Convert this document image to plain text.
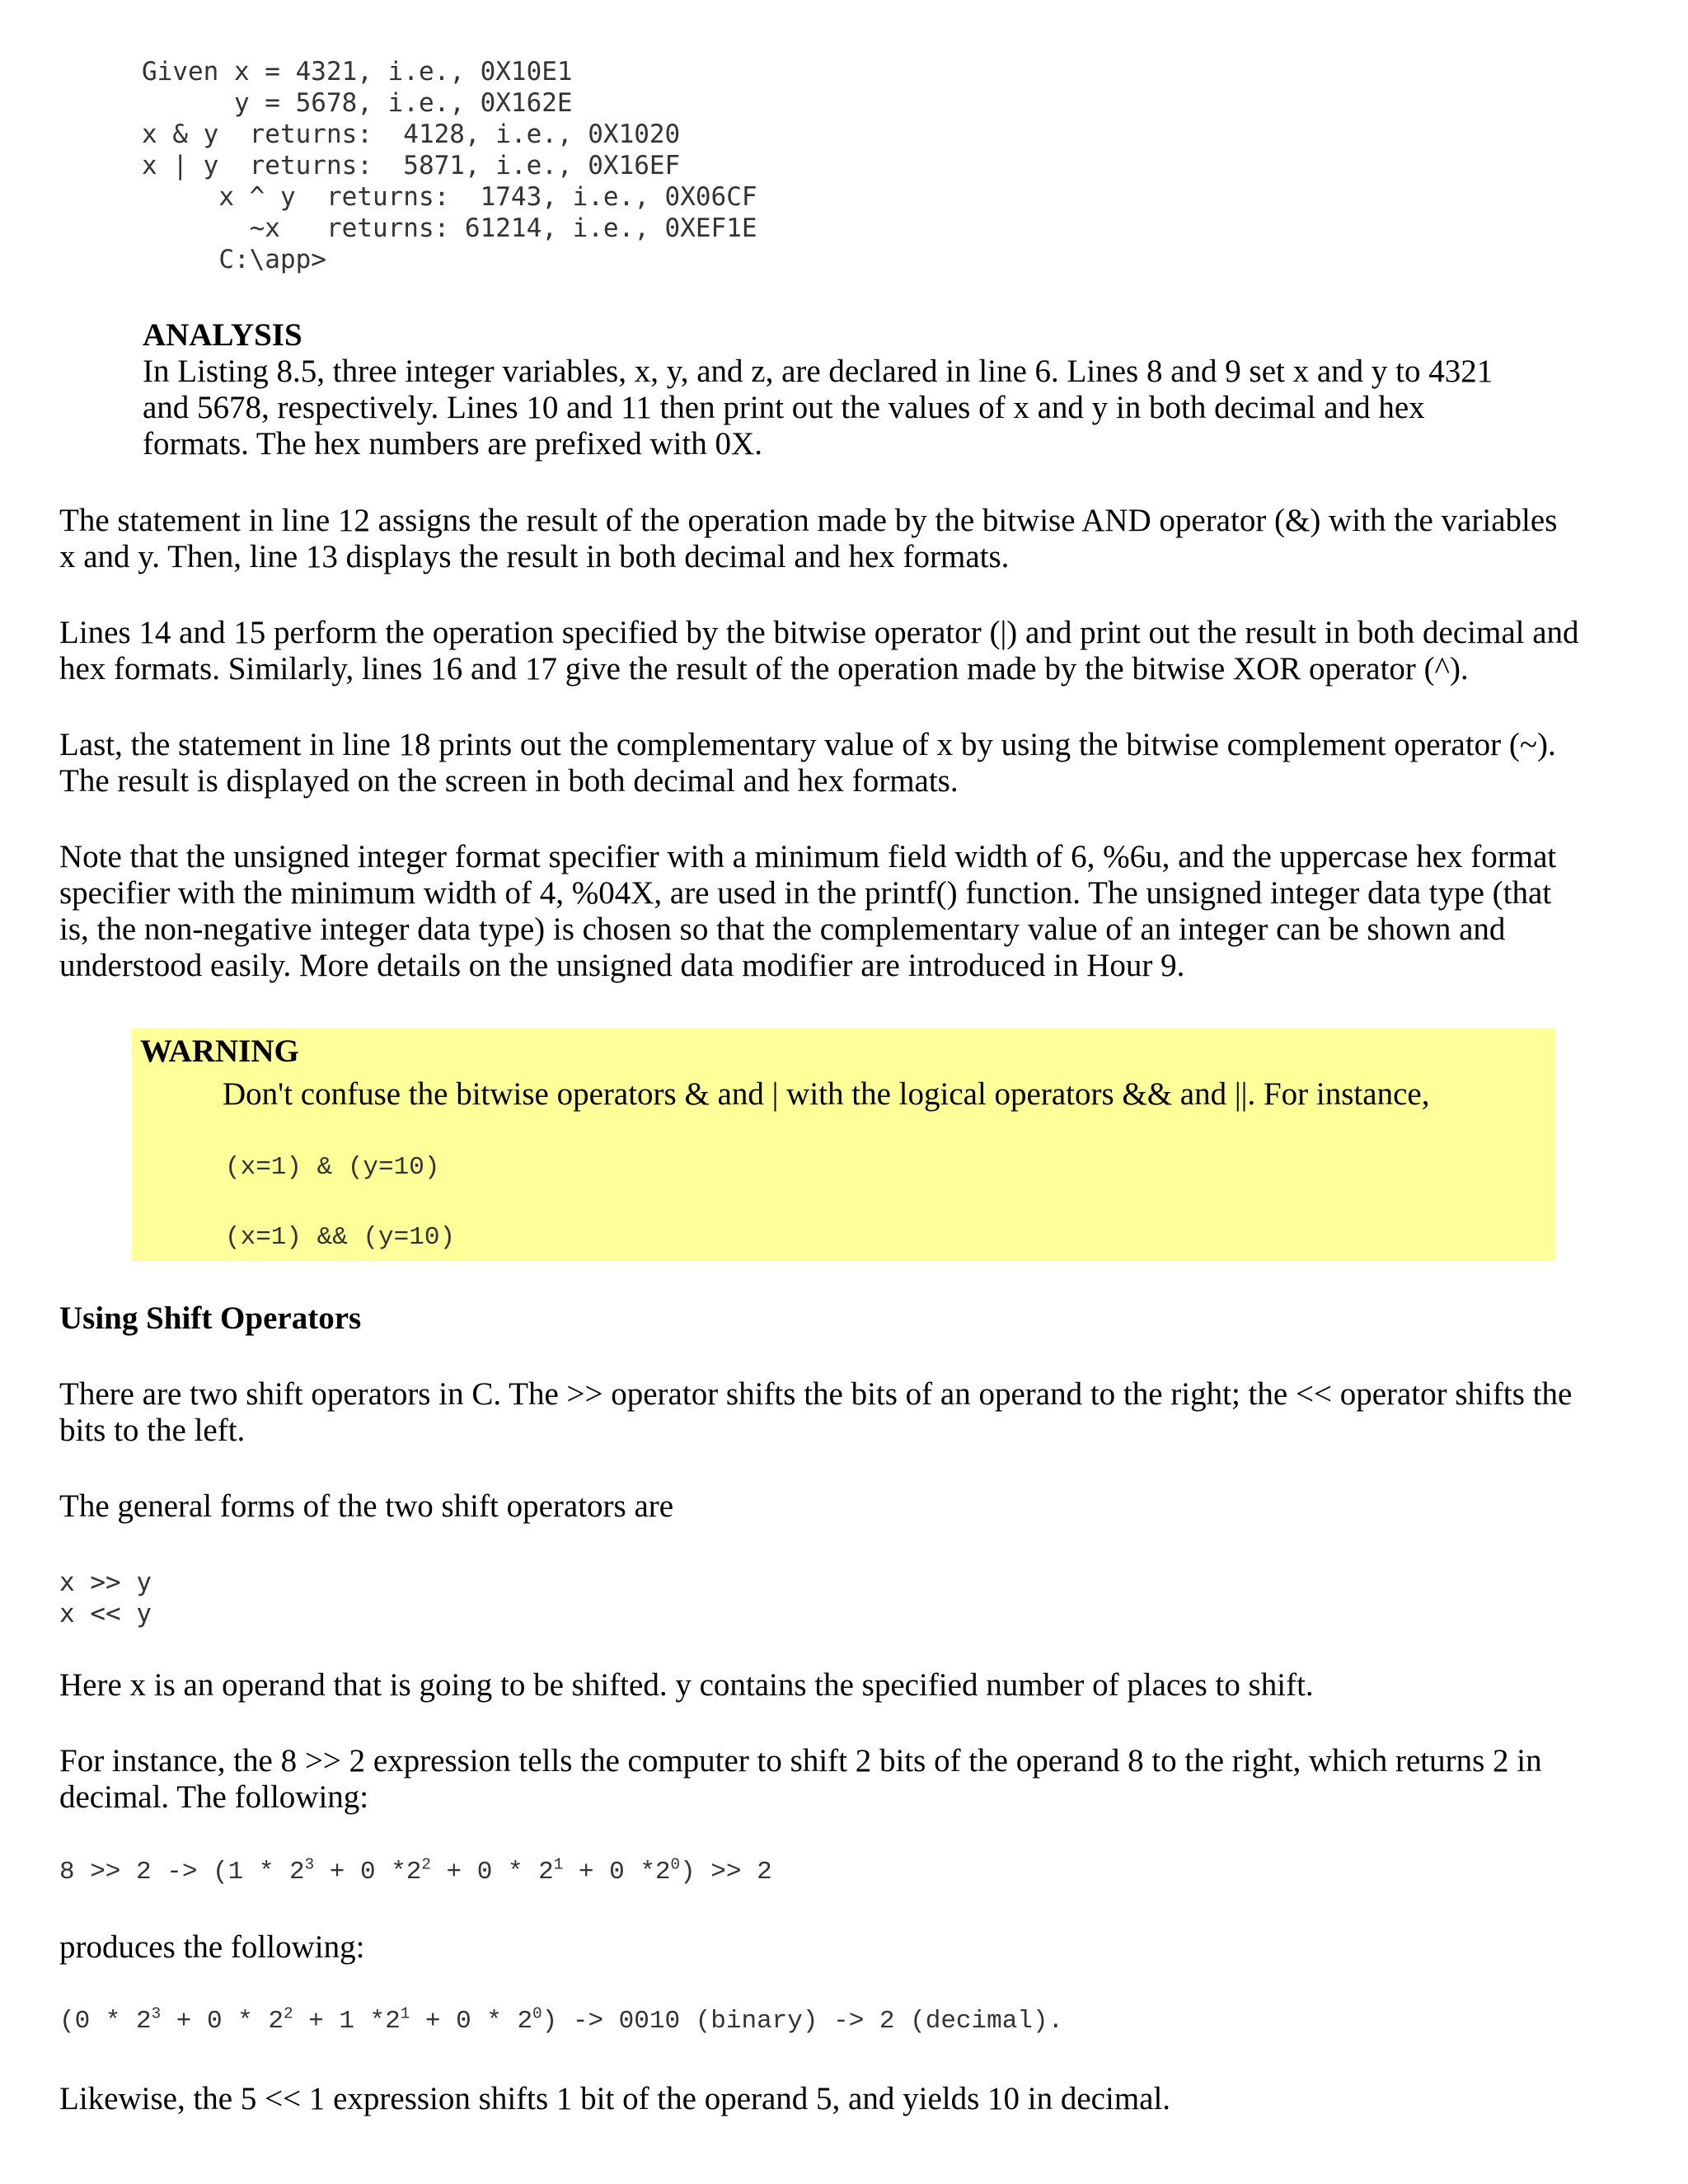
Given x = 4321, i.e., 0X10E1
y = 5678, i.e., 0X162E
x & y  returns:  4128, i.e., 0X1020
x | y  returns:  5871, i.e., 0X16EF
x ^ y  returns:  1743, i.e., 0X06CF
~x   returns: 61214, i.e., 0XEF1E
C:\app>
ANALYSIS
In Listing 8.5, three integer variables, x, y, and z, are declared in line 6. Lines 8 and 9 set x and y to 4321
and 5678, respectively. Lines 10 and 11 then print out the values of x and y in both decimal and hex
formats. The hex numbers are prefixed with 0X.
The statement in line 12 assigns the result of the operation made by the bitwise AND operator (&) with the variables
x and y. Then, line 13 displays the result in both decimal and hex formats.
Lines 14 and 15 perform the operation specified by the bitwise operator (|) and print out the result in both decimal and
hex formats. Similarly, lines 16 and 17 give the result of the operation made by the bitwise XOR operator (^).
Last, the statement in line 18 prints out the complementary value of x by using the bitwise complement operator (~).
The result is displayed on the screen in both decimal and hex formats.
Note that the unsigned integer format specifier with a minimum field width of 6, %6u, and the uppercase hex format
specifier with the minimum width of 4, %04X, are used in the printf() function. The unsigned integer data type (that
is, the non-negative integer data type) is chosen so that the complementary value of an integer can be shown and
understood easily. More details on the unsigned data modifier are introduced in Hour 9.
WARNING
Don't confuse the bitwise operators & and | with the logical operators && and ||. For instance,
(x=1) & (y=10)
(x=1) && (y=10)
Using Shift Operators
There are two shift operators in C. The >> operator shifts the bits of an operand to the right; the << operator shifts the
bits to the left.
The general forms of the two shift operators are
x >> y
x << y
Here x is an operand that is going to be shifted. y contains the specified number of places to shift.
For instance, the 8 >> 2 expression tells the computer to shift 2 bits of the operand 8 to the right, which returns 2 in
decimal. The following:
$8 >> 2 -> (1 * 2^3 + 0$ $*2^2 + 0 * 2^1 + 0$ $*2^0) >> 2$
produces the following:
($0 * 2^3 + 0 * 2^2 + 1$ $*2^1 + 0 * 2^0) -> 0010$ (binary) -> 2 (decimal).
Likewise, the 5 << 1 expression shifts 1 bit of the operand 5, and yields 10 in decimal.
